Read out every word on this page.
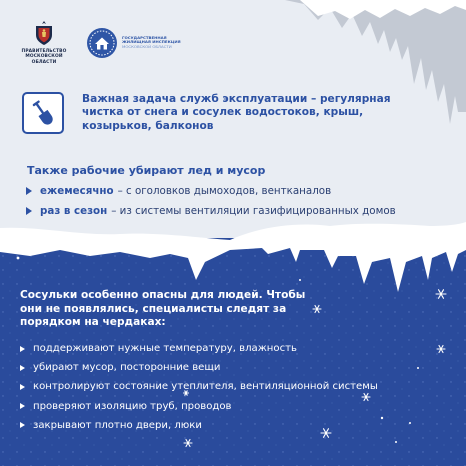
ПРАВИТЕЛЬСТВО МОСКОВСКОЙ ОБЛАСТИ
ГОСУДАРСТВЕННАЯ ЖИЛИЩНАЯ ИНСПЕКЦИЯ
МОСКОВСКОЙ ОБЛАСТИ
Важная задача служб эксплуатации – регулярная чистка от снега и сосулек водостоков, крыш, козырьков, балконов
Также рабочие убирают лед и мусор
ежемесячно – с оголовков дымоходов, вентканалов
раз в сезон – из системы вентиляции газифицированных домов
Сосульки особенно опасны для людей. Чтобы они не появлялись, специалисты следят за порядком на чердаках:
поддерживают нужные температуру, влажность
убирают мусор, посторонние вещи
контролируют состояние утеплителя, вентиляционной системы
проверяют изоляцию труб, проводов
закрывают плотно двери, люки
